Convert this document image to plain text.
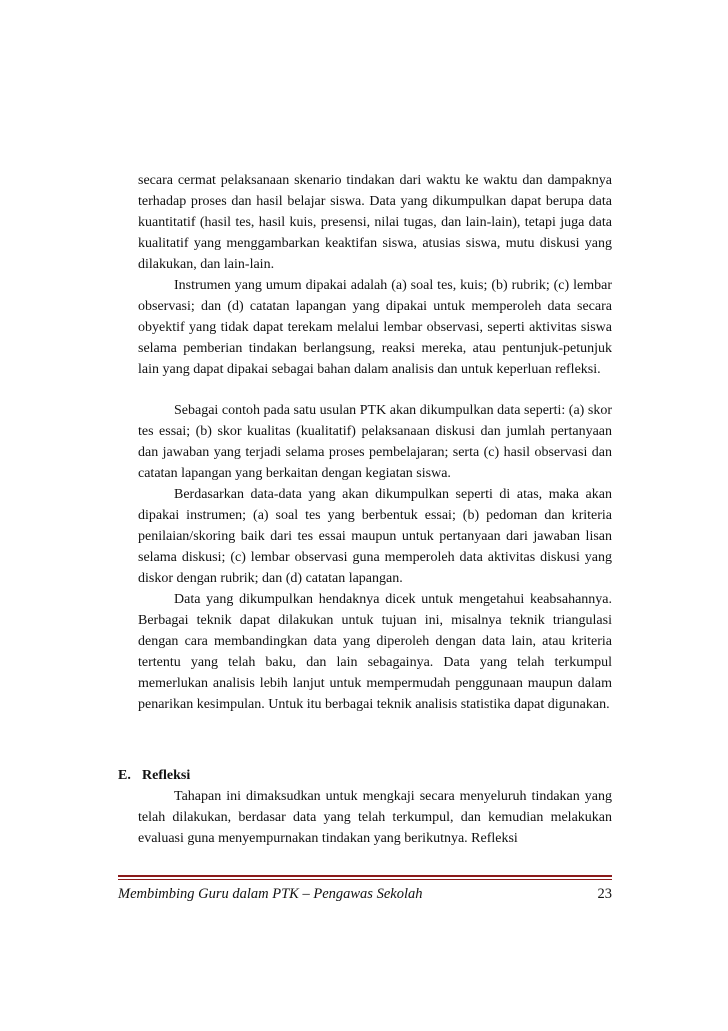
secara cermat pelaksanaan skenario tindakan dari waktu ke waktu dan dampaknya terhadap proses dan hasil belajar siswa. Data yang dikumpulkan dapat berupa data kuantitatif (hasil tes, hasil kuis, presensi, nilai tugas, dan lain-lain), tetapi juga data kualitatif yang menggambarkan keaktifan siswa, atusias siswa, mutu diskusi yang dilakukan, dan lain-lain.

Instrumen yang umum dipakai adalah (a) soal tes, kuis; (b) rubrik; (c) lembar observasi; dan (d) catatan lapangan yang dipakai untuk memperoleh data secara obyektif yang tidak dapat terekam melalui lembar observasi, seperti aktivitas siswa selama pemberian tindakan berlangsung, reaksi mereka, atau pentunjuk-petunjuk lain yang dapat dipakai sebagai bahan dalam analisis dan untuk keperluan refleksi.

Sebagai contoh pada satu usulan PTK akan dikumpulkan data seperti: (a) skor tes essai; (b) skor kualitas (kualitatif) pelaksanaan diskusi dan jumlah pertanyaan dan jawaban yang terjadi selama proses pembelajaran; serta (c) hasil observasi dan catatan lapangan yang berkaitan dengan kegiatan siswa.

Berdasarkan data-data yang akan dikumpulkan seperti di atas, maka akan dipakai instrumen; (a) soal tes yang berbentuk essai; (b) pedoman dan kriteria penilaian/skoring baik dari tes essai maupun untuk pertanyaan dari jawaban lisan selama diskusi; (c) lembar observasi guna memperoleh data aktivitas diskusi yang diskor dengan rubrik; dan (d) catatan lapangan.

Data yang dikumpulkan hendaknya dicek untuk mengetahui keabsahannya. Berbagai teknik dapat dilakukan untuk tujuan ini, misalnya teknik triangulasi dengan cara membandingkan data yang diperoleh dengan data lain, atau kriteria tertentu yang telah baku, dan lain sebagainya. Data yang telah terkumpul memerlukan analisis lebih lanjut untuk mempermudah penggunaan maupun dalam penarikan kesimpulan. Untuk itu berbagai teknik analisis statistika dapat digunakan.

E. Refleksi

Tahapan ini dimaksudkan untuk mengkaji secara menyeluruh tindakan yang telah dilakukan, berdasar data yang telah terkumpul, dan kemudian melakukan evaluasi guna menyempurnakan tindakan yang berikutnya. Refleksi

Membimbing Guru dalam PTK – Pengawas Sekolah	23
